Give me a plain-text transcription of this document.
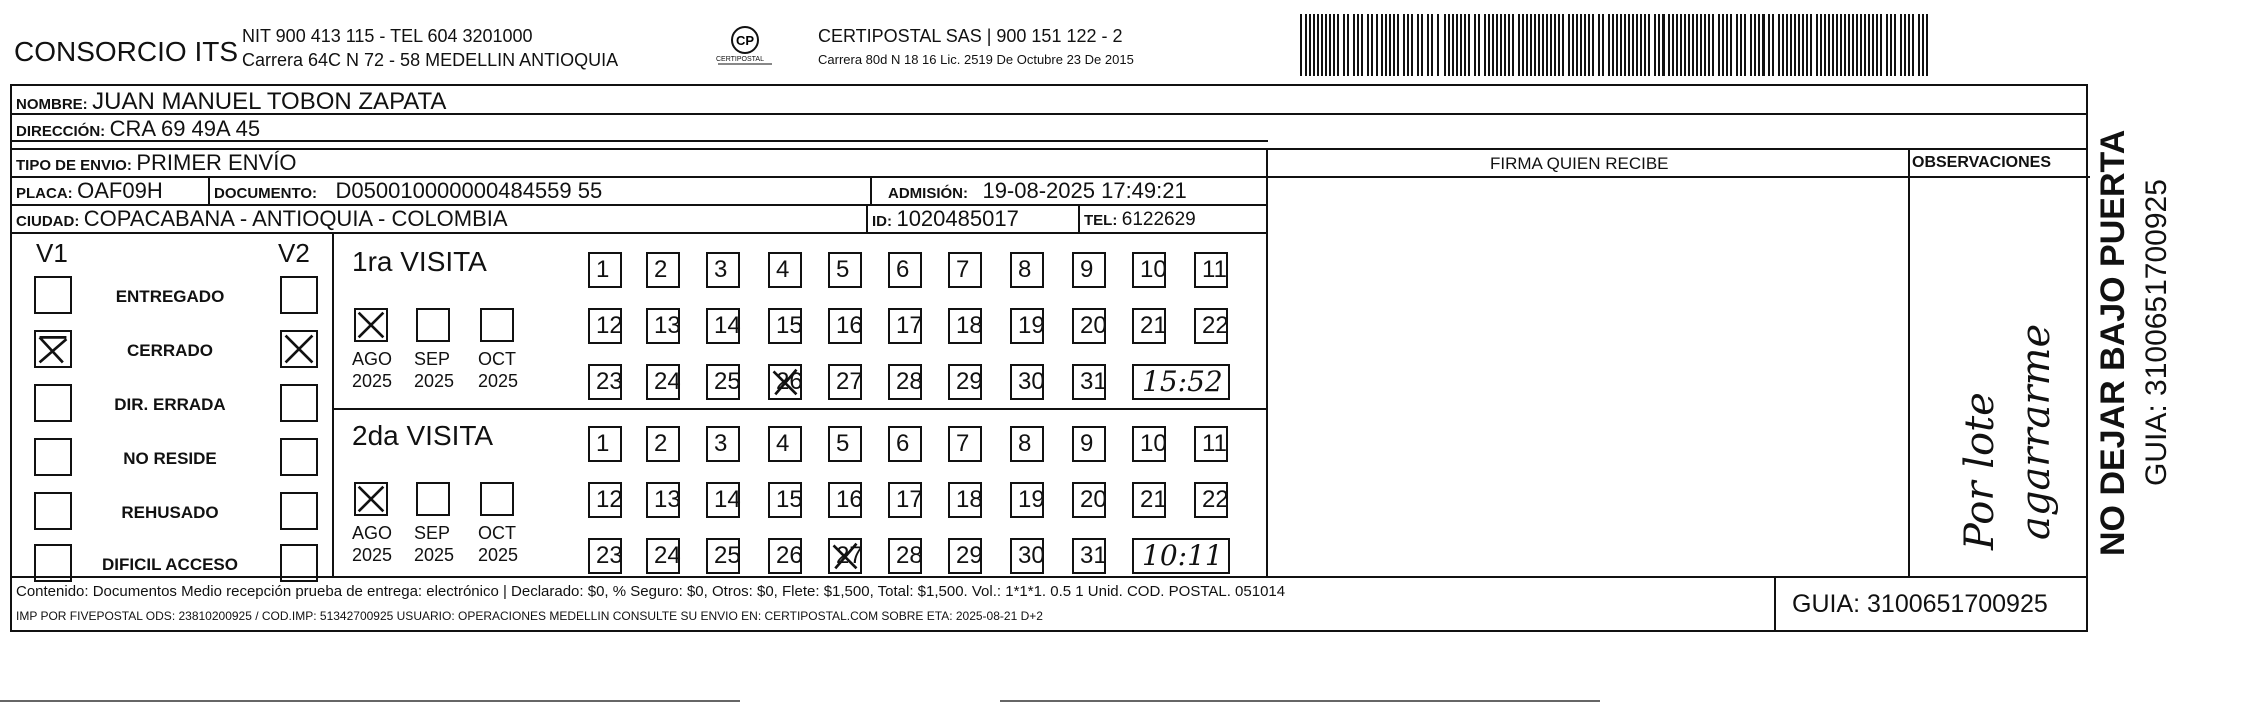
CONSORCIO ITS NIT 900 413 115 - TEL 604 3201000
Carrera 64C N 72 - 58 MEDELLIN ANTIOQUIA
CP
CERTIPOSTAL
CERTIPOSTAL SAS | 900 151 122 - 2
Carrera 80d N 18 16 Lic. 2519 De Octubre 23 De 2015
NOMBRE: JUAN MANUEL TOBON ZAPATA
DIRECCIÓN: CRA 69 49A 45
TIPO DE ENVIO: PRIMER ENVÍO
PLACA: OAF09H	DOCUMENTO: D050010000000484559 55	ADMISIÓN: 19-08-2025 17:49:21
CIUDAD: COPACABANA - ANTIOQUIA - COLOMBIA	ID: 1020485017	TEL: 6122629
FIRMA QUIEN RECIBE	OBSERVACIONES
V1	V2
ENTREGADO
CERRADO
DIR. ERRADA
NO RESIDE
REHUSADO
DIFICIL ACCESO
1ra VISITA
AGO
2025
SEP
2025
OCT
2025
1	2	3	4	5	6	7	8	9	10	11
12	13	14	15	16	17	18	19	20	21	22
23	24	25	26	27	28	29	30	31 15:52
2da VISITA
AGO
2025
SEP
2025
OCT
2025
1	2	3	4	5	6	7	8	9	10	11
12	13	14	15	16	17	18	19	20	21	22
23	24	25	26	27	28	29	30	31 10:11
Por lote agarrarme
Contenido: Documentos Medio recepción prueba de entrega: electrónico | Declarado: $0, % Seguro: $0, Otros: $0, Flete: $1,500, Total: $1,500. Vol.: 1*1*1. 0.5 1 Unid. COD. POSTAL. 051014
IMP POR FIVEPOSTAL ODS: 23810200925 / COD.IMP: 51342700925 USUARIO: OPERACIONES MEDELLIN CONSULTE SU ENVIO EN: CERTIPOSTAL.COM SOBRE ETA: 2025-08-21 D+2	GUIA: 3100651700925
NO DEJAR BAJO PUERTA GUIA: 3100651700925
